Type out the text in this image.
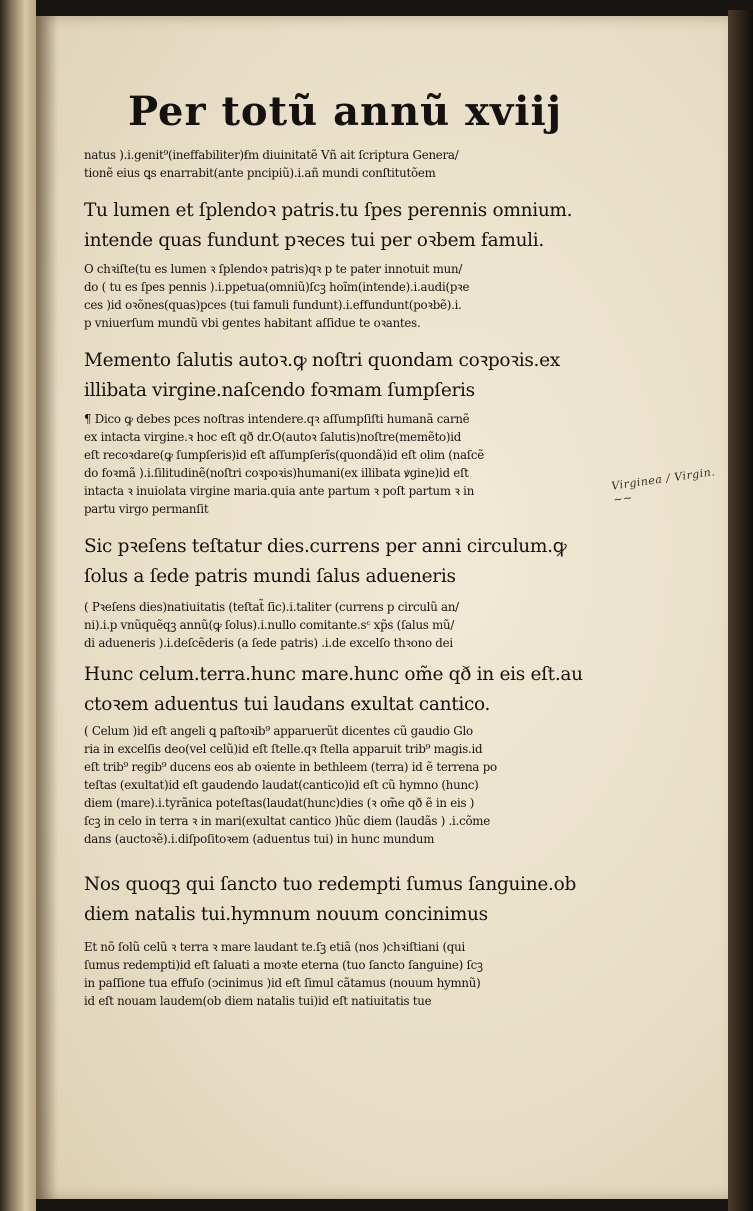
Per totũ annũ xviij
natus ).i.genit⁹(ineffabiliter)ẜm diuinitatẽ Vñ ait ſcriptura Genera/
tionẽ eius ꝗs enarrabit(ante pncipiũ).i.añ mundi conſtitutõem
Tu lumen et ſplendoꝛ patris.tu ſpes perennis omnium.
intende quas fundunt pꝛeces tui per oꝛbem famuli.
O chꝛiſte(tu es lumen ꝛ ſplendoꝛ patris)qꝛ p te pater innotuit mun/
do ( tu es ſpes pennis ).i.ppetua(omniũ)ſcꝫ hoĩm(intende).i.audi(pꝛe
ces )id oꝛõnes(quas)pces (tui famuli fundunt).i.effundunt(poꝛbẽ).i.
p vniuerſum mundũ vbi gentes habitant aſſidue te oꝛantes.
Memento ſalutis autoꝛ.ꝙ noſtri quondam coꝛpoꝛis.ex
illibata virgine.naſcendo foꝛmam ſumpſeris
¶ Dico ꝙ debes pces noſtras intendere.qꝛ aſſumpſiſti humanã carnẽ
ex intacta virgine.ꝛ hoc eſt qð dr.O(autoꝛ ſalutis)noſtre(memẽto)id
eſt recoꝛdare(ꝙ ſumpſeris)id eſt aſſumpſerĩs(quondã)id eſt olim (naſcẽ
do foꝛmã ).i.ſilitudinẽ(noſtri coꝛpoꝛis)humani(ex illibata ꝟgine)id eſt
intacta ꝛ inuiolata virgine maria.quia ante partum ꝛ poſt partum ꝛ in
partu virgo permanſit
Sic pꝛeſens teſtatur dies.currens per anni circulum.ꝙ
ſolus a ſede patris mundi ſalus adueneris
( Pꝛeſens dies)natiuitatis (teſtat̃ ſic).i.taliter (currens p circulũ an/
ni).i.p vnũquẽqꝫ annũ(ꝙ ſolus).i.nullo comitante.sᶜ xp̃s (ſalus mũ/
di adueneris ).i.deſcẽderis (a ſede patris) .i.de excelſo thꝛono dei
Hunc celum.terra.hunc mare.hunc om̃e qð in eis eſt.au
ctoꝛem aduentus tui laudans exultat cantico.
( Celum )id eſt angeli ꝗ paſtoꝛib⁹ apparuerũt dicentes cũ gaudio Glo
ria in excelſis deo(vel celũ)id eſt ſtelle.qꝛ ſtella apparuit trib⁹ magis.id
eſt trib⁹ regib⁹ ducens eos ab oꝛiente in bethleem (terra) id ẽ terrena po
teſtas (exultat)id eſt gaudendo laudat(cantico)id eſt cũ hymno (hunc)
diem (mare).i.tyrãnica poteſtas(laudat(hunc)dies (ꝛ om̃e qð ẽ in eis )
ſcꝫ in celo in terra ꝛ in mari(exultat cantico )hũc diem (laudãs ) .i.cõme
dans (auctoꝛẽ).i.diſpoſitoꝛem (aduentus tui) in hunc mundum
Nos quoqꝫ qui ſancto tuo redempti ſumus ſanguine.ob
diem natalis tui.hymnum nouum concinimus
Et nõ ſolũ celũ ꝛ terra ꝛ mare laudant te.ſꝫ etiã (nos )chꝛiſtiani (qui
ſumus redempti)id eſt ſaluati a moꝛte eterna (tuo ſancto ſanguine) ſcꝫ
in paſſione tua effuſo (ↄcinimus )id eſt ſimul cãtamus (nouum hymnũ)
id eſt nouam laudem(ob diem natalis tui)id eſt natiuitatis tue
Virginea / Virgin. ~~
